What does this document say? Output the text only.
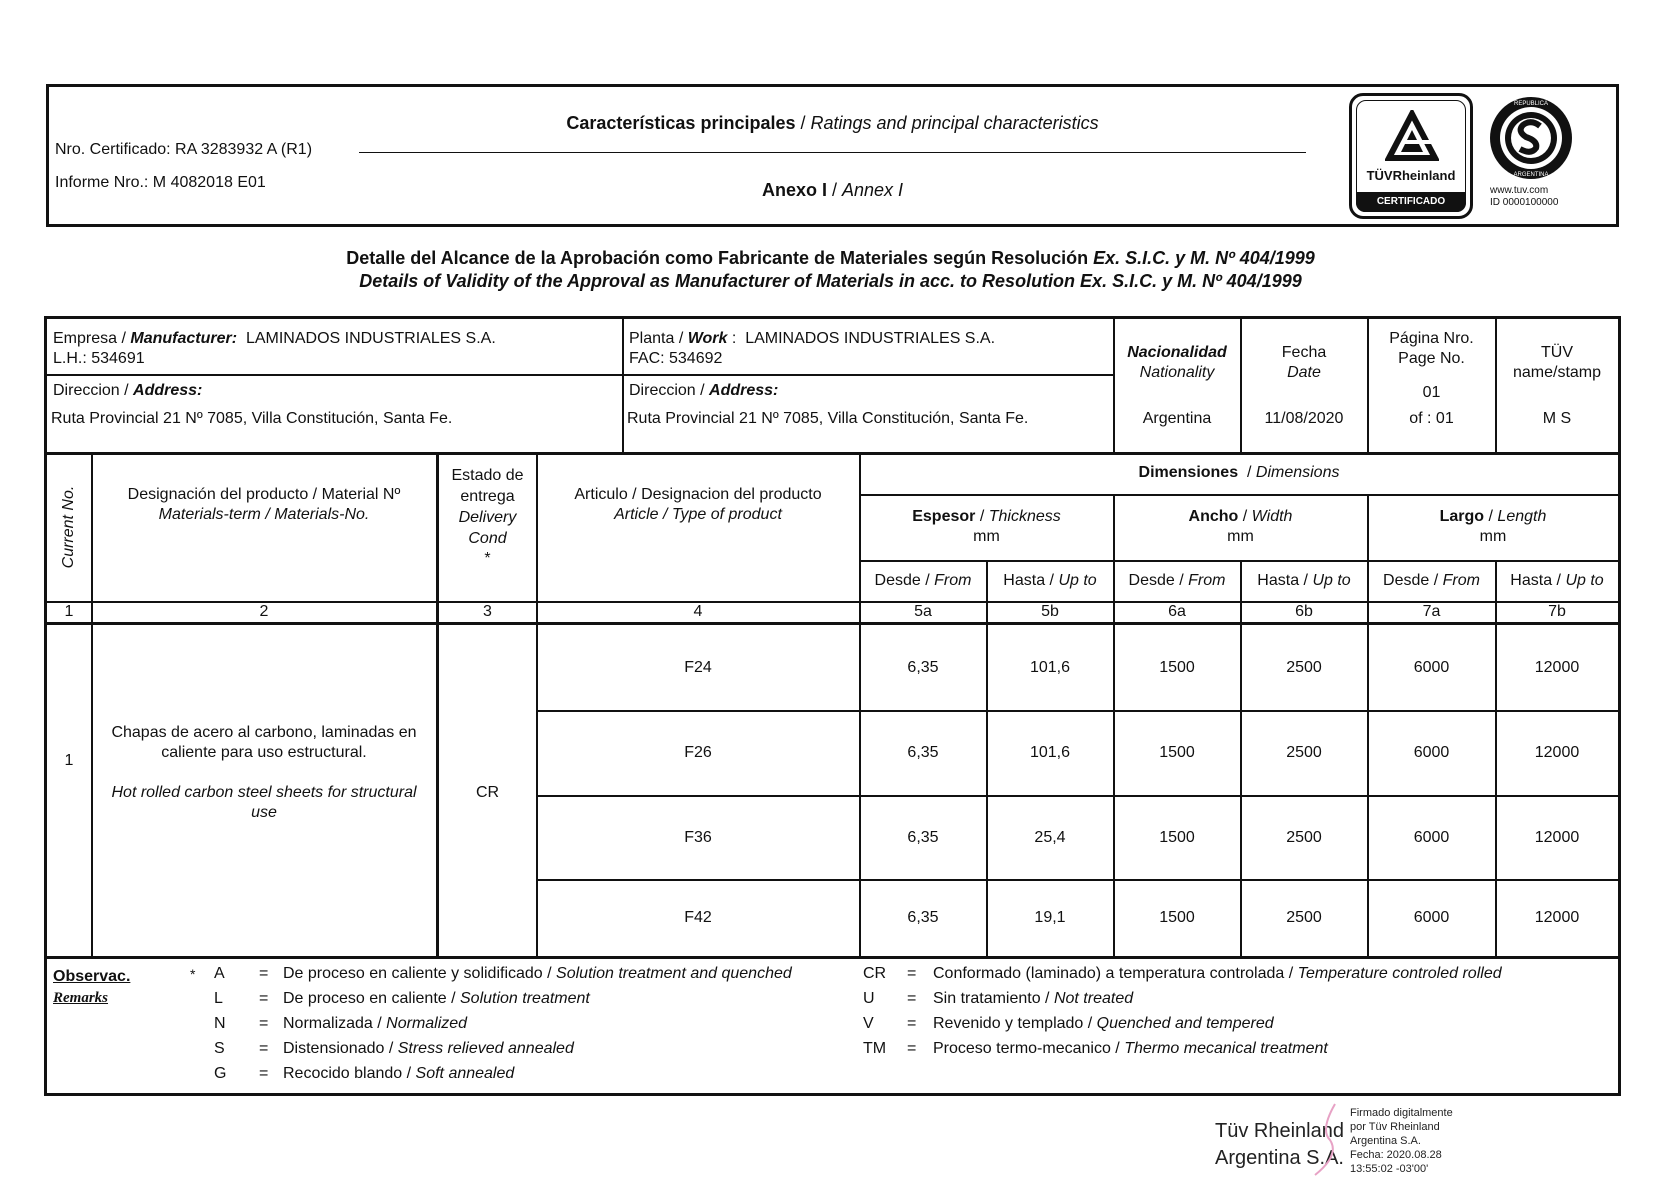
Nro. Certificado: RA 3283932 A (R1)
Informe Nro.: M 4082018 E01
Características principales / Ratings and principal characteristics
Anexo I / Annex I
TÜVRheinland
CERTIFICADO
REPUBLICA
ARGENTINA
www.tuv.com
ID 0000100000
Detalle del Alcance de la Aprobación como Fabricante de Materiales según Resolución Ex. S.I.C. y M. Nº 404/1999
Details of Validity of the Approval as Manufacturer of Materials in acc. to Resolution Ex. S.I.C. y M. Nº 404/1999
Empresa / Manufacturer: LAMINADOS INDUSTRIALES S.A.
L.H.: 534691
Direccion / Address:
Ruta Provincial 21 Nº 7085, Villa Constitución, Santa Fe.
Planta / Work :  LAMINADOS INDUSTRIALES S.A.
FAC: 534692
Direccion / Address:
Ruta Provincial 21 Nº 7085, Villa Constitución, Santa Fe.
Nacionalidad
Nationality
Argentina
Fecha
Date
11/08/2020
Página Nro.
Page No.
01
of : 01
TÜV
name/stamp
M S
Current No.	Designación del producto / Material Nº
Materials-term / Materials-No.
Estado de entrega
Delivery Cond
*
Articulo / Designacion del producto
Article / Type of product
Dimensiones  / Dimensions
Espesor / Thickness
mm
Ancho / Width
mm
Largo / Length
mm
Desde / From	Hasta / Up to	Desde / From	Hasta / Up to	Desde / From	Hasta / Up to
1	2	3	4	5a	5b	6a	6b	7a	7b
1
Chapas de acero al carbono, laminadas en caliente para uso estructural.
Hot rolled carbon steel sheets for structural use
CR
F24	6,35	101,6	1500	2500	6000	12000
F26	6,35	101,6	1500	2500	6000	12000
F36	6,35	25,4	1500	2500	6000	12000
F42	6,35	19,1	1500	2500	6000	12000
Observac.
Remarks
* A = De proceso en caliente y solidificado / Solution treatment and quenched
L = De proceso en caliente / Solution treatment
N = Normalizada / Normalized
S = Distensionado / Stress relieved annealed
G = Recocido blando / Soft annealed
CR = Conformado (laminado) a temperatura controlada / Temperature controled rolled
U = Sin tratamiento / Not treated
V = Revenido y templado / Quenched and tempered
TM = Proceso termo-mecanico / Thermo mecanical treatment
Tüv Rheinland
Argentina S.A.
Firmado digitalmente
por Tüv Rheinland
Argentina S.A.
Fecha: 2020.08.28
13:55:02 -03'00'
